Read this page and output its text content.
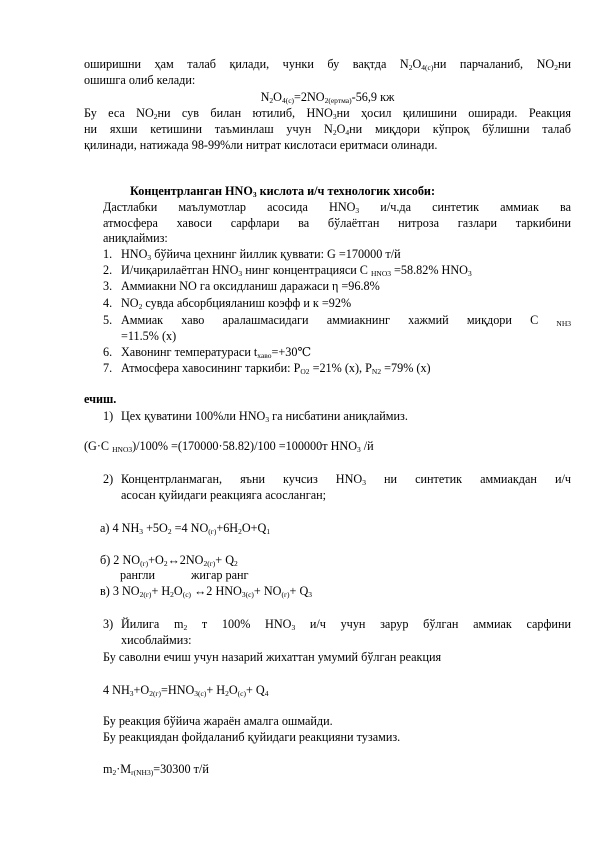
оширишни ҳам талаб қилади, чунки бу вақтда $N_2O_{4(с)}ни$ парчаланиб, $NO_2ни$
ошишга олиб келади:
$N_2O_{4(с)}=2NO_{2(ертма)}-56,9$ кж
Бу еса $NO_2ни$ сув билан ютилиб, $HNO_3ни$ ҳосил қилишини оширади. Реакция
ни яхши кетишини таъминлаш учун $N_2O_4ни$ миқдори кўпроқ бўлишни талаб
қилинади, натижада 98-99%ли нитрат кислотаси еритмаси олинади.
Концентрланган $HNO_3$ кислота и/ч технологик хисоби:
Дастлабки маълумотлар асосида $HNO_3$ и/ч.да синтетик аммиак ва
атмосфера хавоси сарфлари ва бўлаётган нитроза газлари таркибини
аниқлаймиз:
1. $HNO_3$ бўйича цехнинг йиллик қуввати: G =170000 т/й
2. И/чиқарилаётган $HNO_3$ нинг концентрацияси С $_{HNO3}$ =58.82% $HNO_3$
3. Аммиакни NO га оксидланиш даражаси η =96.8%
4. $NO_2$ сувда абсорбцияланиш коэфф и к =92%
5. Аммиак хаво аралашмасидаги аммиакнинг хажмий миқдори С $_{NH3}$
=11.5% (х)
6. Хавонинг температураси $t_{хаво}=+30℃$
7. Атмосфера хавосининг таркиби: $P_{O2} =21\%$ (х), $P_{N2} =79\%$ (х)
ечиш.
1) Цех қуватини 100%ли $HNO_3$ га нисбатини аниқлаймиз.
(G·С $_{HNO3}$)/100% =(170000·58.82)/100 =100000т $HNO_3$ /й
2) Концентрланмаган, яъни кучсиз $HNO_3$ ни синтетик аммиакдан и/ч
асосан қуйидаги реакцияга асосланган;
а) 4 $NH_3 +5O_2 =4$ $NO_{(г)}+6H_2O+Q_1$
б) 2 $NO_{(г)}+O_2\leftrightarrow 2NO_{2(г)}+ Q_2$
рангли	жигар ранг
в) 3 $NO_{2(г)}+ H_2O_{(с)}$ ↔2 $HNO_{3(с)}+ NO_{(г)}+ Q_3$
3) Йилига $m_2$ т 100% $HNO_3$ и/ч учун зарур бўлган аммиак сарфини
хисоблаймиз:
Бу саволни ечиш учун назарий жихаттан умумий бўлган реакция
4 $NH_3+O_{2(г)}=HNO_{3(с)}+ H_2O_{(с)}+ Q_4$
Бу реакция бўйича жараён амалга ошмайди.
Бу реакциядан фойдаланиб қуйидаги реакцияни тузамиз.
$m_2\cdot M_{r(NH3)}=30300$ т/й
